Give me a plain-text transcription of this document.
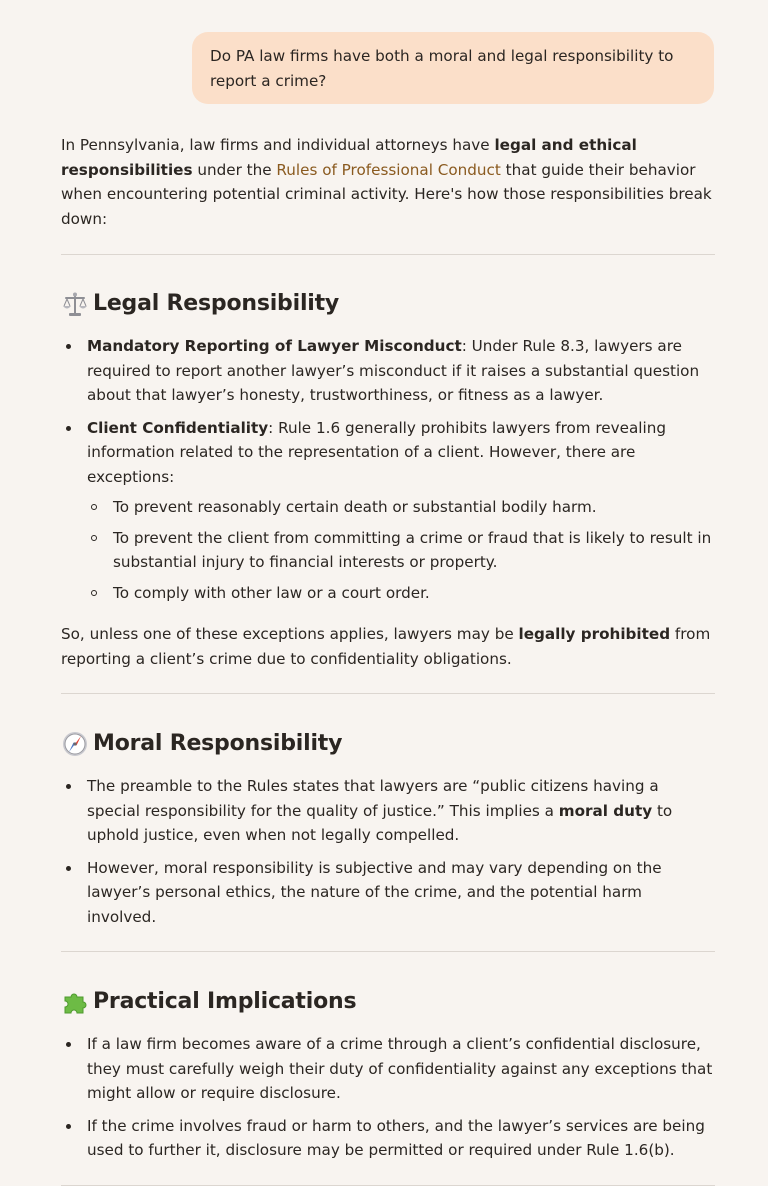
Do PA law firms have both a moral and legal responsibility to report a crime?

In Pennsylvania, law firms and individual attorneys have legal and ethical responsibilities under the Rules of Professional Conduct that guide their behavior when encountering potential criminal activity. Here's how those responsibilities break down:

Legal Responsibility
Mandatory Reporting of Lawyer Misconduct: Under Rule 8.3, lawyers are required to report another lawyer’s misconduct if it raises a substantial question about that lawyer’s honesty, trustworthiness, or fitness as a lawyer.
Client Confidentiality: Rule 1.6 generally prohibits lawyers from revealing information related to the representation of a client. However, there are exceptions:
To prevent reasonably certain death or substantial bodily harm.
To prevent the client from committing a crime or fraud that is likely to result in substantial injury to financial interests or property.
To comply with other law or a court order.

So, unless one of these exceptions applies, lawyers may be legally prohibited from reporting a client’s crime due to confidentiality obligations.

Moral Responsibility
The preamble to the Rules states that lawyers are “public citizens having a special responsibility for the quality of justice.” This implies a moral duty to uphold justice, even when not legally compelled.
However, moral responsibility is subjective and may vary depending on the lawyer’s personal ethics, the nature of the crime, and the potential harm involved.
Practical Implications
If a law firm becomes aware of a crime through a client’s confidential disclosure, they must carefully weigh their duty of confidentiality against any exceptions that might allow or require disclosure.
If the crime involves fraud or harm to others, and the lawyer’s services are being used to further it, disclosure may be permitted or required under Rule 1.6(b).
